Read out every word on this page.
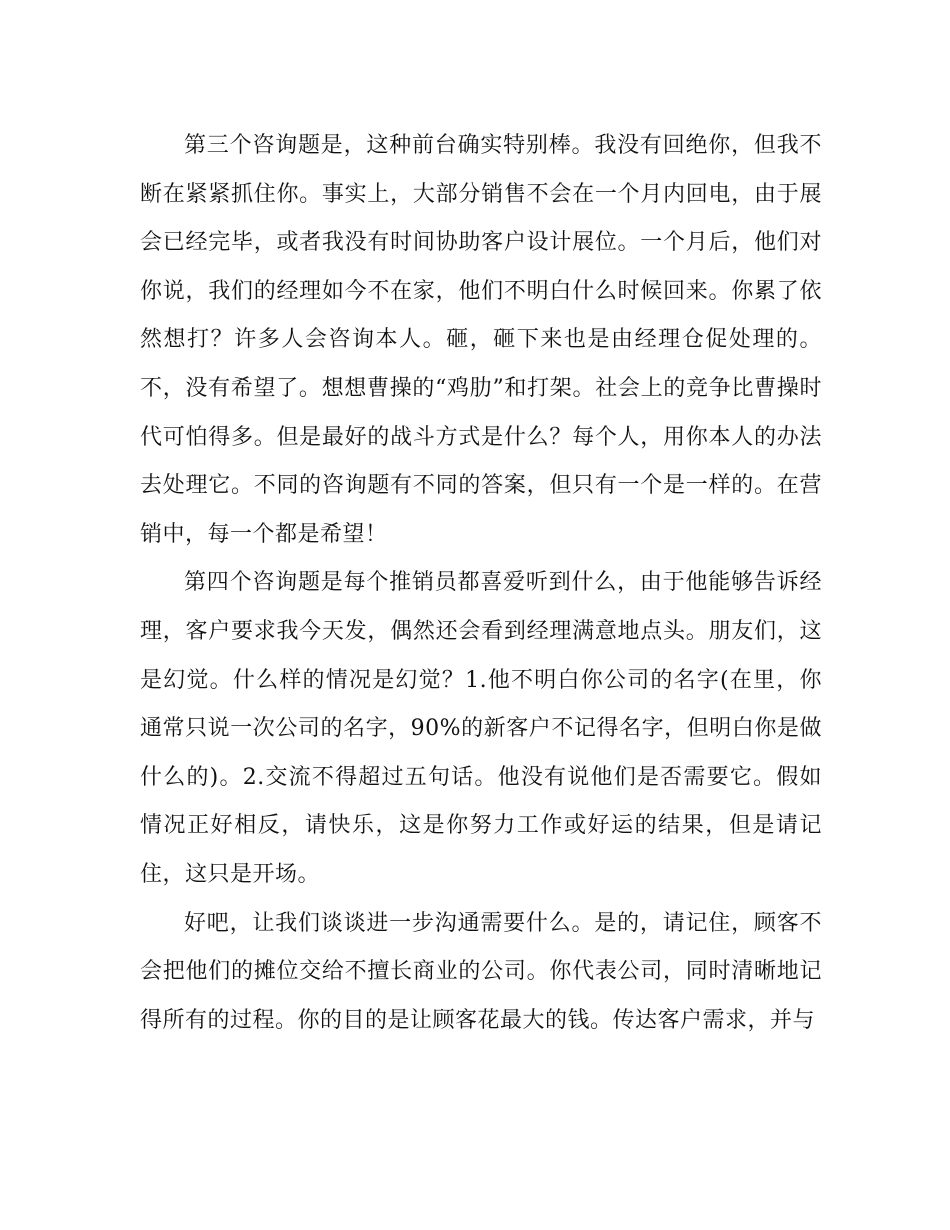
第三个咨询题是，这种前台确实特别棒。我没有回绝你，但我不断在紧紧抓住你。事实上，大部分销售不会在一个月内回电，由于展会已经完毕，或者我没有时间协助客户设计展位。一个月后，他们对你说，我们的经理如今不在家，他们不明白什么时候回来。你累了依然想打？许多人会咨询本人。砸，砸下来也是由经理仓促处理的。不，没有希望了。想想曹操的“鸡肋”和打架。社会上的竞争比曹操时代可怕得多。但是最好的战斗方式是什么？每个人，用你本人的办法去处理它。不同的咨询题有不同的答案，但只有一个是一样的。在营销中，每一个都是希望！

第四个咨询题是每个推销员都喜爱听到什么，由于他能够告诉经理，客户要求我今天发，偶然还会看到经理满意地点头。朋友们，这是幻觉。什么样的情况是幻觉？1.他不明白你公司的名字(在里，你通常只说一次公司的名字，90%的新客户不记得名字，但明白你是做什么的)。2.交流不得超过五句话。他没有说他们是否需要它。假如情况正好相反，请快乐，这是你努力工作或好运的结果，但是请记住，这只是开场。

好吧，让我们谈谈进一步沟通需要什么。是的，请记住，顾客不会把他们的摊位交给不擅长商业的公司。你代表公司，同时清晰地记得所有的过程。你的目的是让顾客花最大的钱。传达客户需求，并与
